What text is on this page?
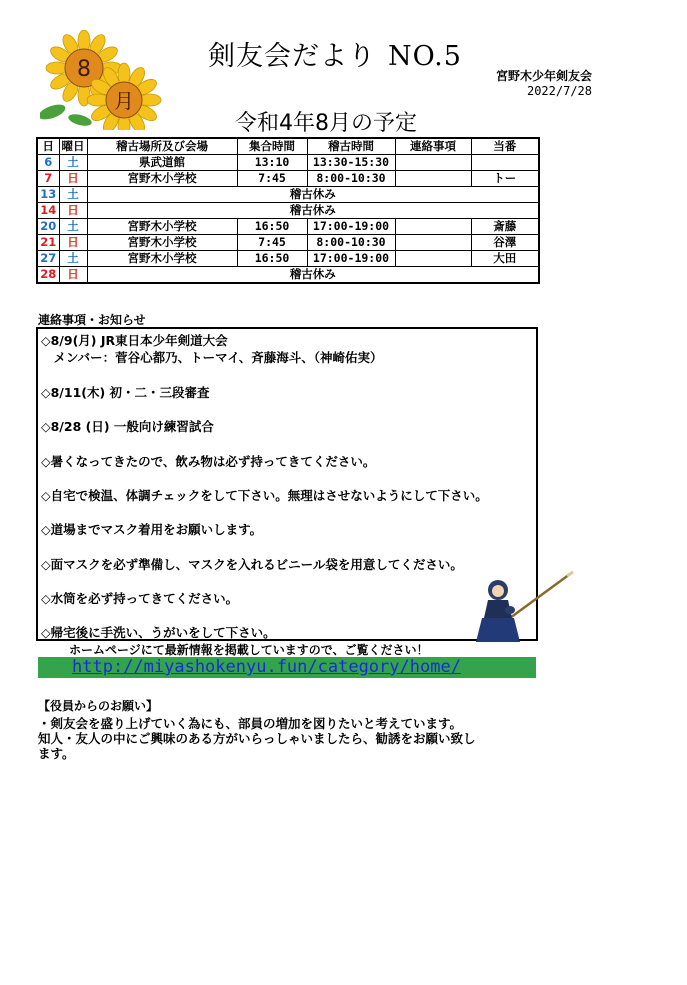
8
月
剣友会だより NO.5
宮野木少年剣友会
2022/7/28
令和4年8月の予定
日	曜日	稽古場所及び会場	集合時間	稽古時間	連絡事項	当番
6	土	県武道館	13:10	13:30-15:30		
7	日	宮野木小学校	7:45	8:00-10:30		トー
13	土	稽古休み				
14	日	稽古休み				
20	土	宮野木小学校	16:50	17:00-19:00		斎藤
21	日	宮野木小学校	7:45	8:00-10:30		谷澤
27	土	宮野木小学校	16:50	17:00-19:00		大田
28	日	稽古休み				
連絡事項・お知らせ
◇8/9(月) JR東日本少年剣道大会
　メンバー：菅谷心都乃、トーマイ、斉藤海斗、（神崎佑実）
◇8/11(木) 初・二・三段審査
◇8/28 (日) 一般向け練習試合
◇暑くなってきたので、飲み物は必ず持ってきてください。
◇自宅で検温、体調チェックをして下さい。無理はさせないようにして下さい。
◇道場までマスク着用をお願いします。
◇面マスクを必ず準備し、マスクを入れるビニール袋を用意してください。
◇水筒を必ず持ってきてください。
◇帰宅後に手洗い、うがいをして下さい。
ホームページにて最新情報を掲載していますので、ご覧ください！
http://miyashokenyu.fun/category/home/
【役員からのお願い】
・剣友会を盛り上げていく為にも、部員の増加を図りたいと考えています。
知人・友人の中にご興味のある方がいらっしゃいましたら、勧誘をお願い致し
ます。
